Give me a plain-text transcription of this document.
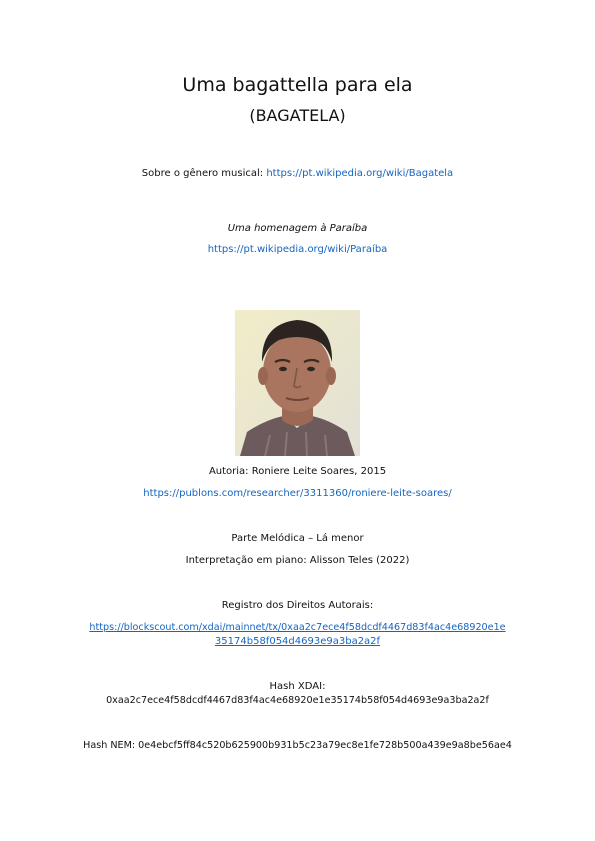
Uma bagattella para ela
(BAGATELA)
Sobre o gênero musical: https://pt.wikipedia.org/wiki/Bagatela
Uma homenagem à Paraíba
https://pt.wikipedia.org/wiki/Paraíba
Autoria: Roniere Leite Soares, 2015
https://publons.com/researcher/3311360/roniere-leite-soares/
Parte Melódica – Lá menor
Interpretação em piano: Alisson Teles (2022)
Registro dos Direitos Autorais:
https://blockscout.com/xdai/mainnet/tx/0xaa2c7ece4f58dcdf4467d83f4ac4e68920e1e
35174b58f054d4693e9a3ba2a2f
Hash XDAI:
0xaa2c7ece4f58dcdf4467d83f4ac4e68920e1e35174b58f054d4693e9a3ba2a2f
Hash NEM: 0e4ebcf5ff84c520b625900b931b5c23a79ec8e1fe728b500a439e9a8be56ae4
